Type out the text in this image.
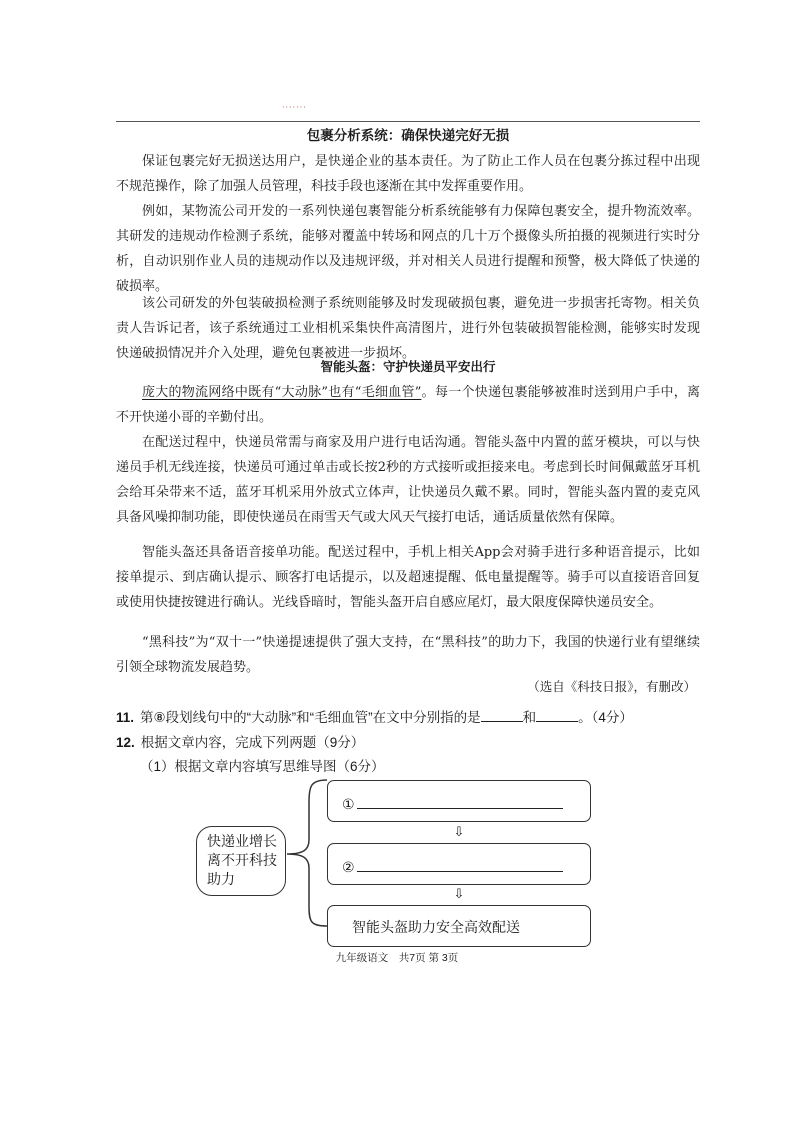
·······
包裹分析系统：确保快递完好无损

保证包裹完好无损送达用户，是快递企业的基本责任。为了防止工作人员在包裹分拣过程中出现不规范操作，除了加强人员管理，科技手段也逐渐在其中发挥重要作用。

例如，某物流公司开发的一系列快递包裹智能分析系统能够有力保障包裹安全，提升物流效率。其研发的违规动作检测子系统，能够对覆盖中转场和网点的几十万个摄像头所拍摄的视频进行实时分析，自动识别作业人员的违规动作以及违规评级，并对相关人员进行提醒和预警，极大降低了快递的破损率。

该公司研发的外包装破损检测子系统则能够及时发现破损包裹，避免进一步损害托寄物。相关负责人告诉记者，该子系统通过工业相机采集快件高清图片，进行外包装破损智能检测，能够实时发现快递破损情况并介入处理，避免包裹被进一步损坏。

智能头盔：守护快递员平安出行

庞大的物流网络中既有“大动脉”也有“毛细血管”。每一个快递包裹能够被准时送到用户手中，离不开快递小哥的辛勤付出。

在配送过程中，快递员常需与商家及用户进行电话沟通。智能头盔中内置的蓝牙模块，可以与快递员手机无线连接，快递员可通过单击或长按2秒的方式接听或拒接来电。考虑到长时间佩戴蓝牙耳机会给耳朵带来不适，蓝牙耳机采用外放式立体声，让快递员久戴不累。同时，智能头盔内置的麦克风具备风噪抑制功能，即使快递员在雨雪天气或大风天气接打电话，通话质量依然有保障。

智能头盔还具备语音接单功能。配送过程中，手机上相关App会对骑手进行多种语音提示，比如接单提示、到店确认提示、顾客打电话提示，以及超速提醒、低电量提醒等。骑手可以直接语音回复或使用快捷按键进行确认。光线昏暗时，智能头盔开启自感应尾灯，最大限度保障快递员安全。

“黑科技”为“双十一”快递提速提供了强大支持，在“黑科技”的助力下，我国的快递行业有望继续引领全球物流发展趋势。

（选自《科技日报》，有删改）
11. 第⑧段划线句中的“大动脉”和“毛细血管”在文中分别指的是	和	。（4分）
12. 根据文章内容，完成下列两题（9分）
（1）根据文章内容填写思维导图（6分）
快递业增长离不开科技助力
①
⇩
②
⇩
智能头盔助力安全高效配送
九年级语文　共7页 第 3页
